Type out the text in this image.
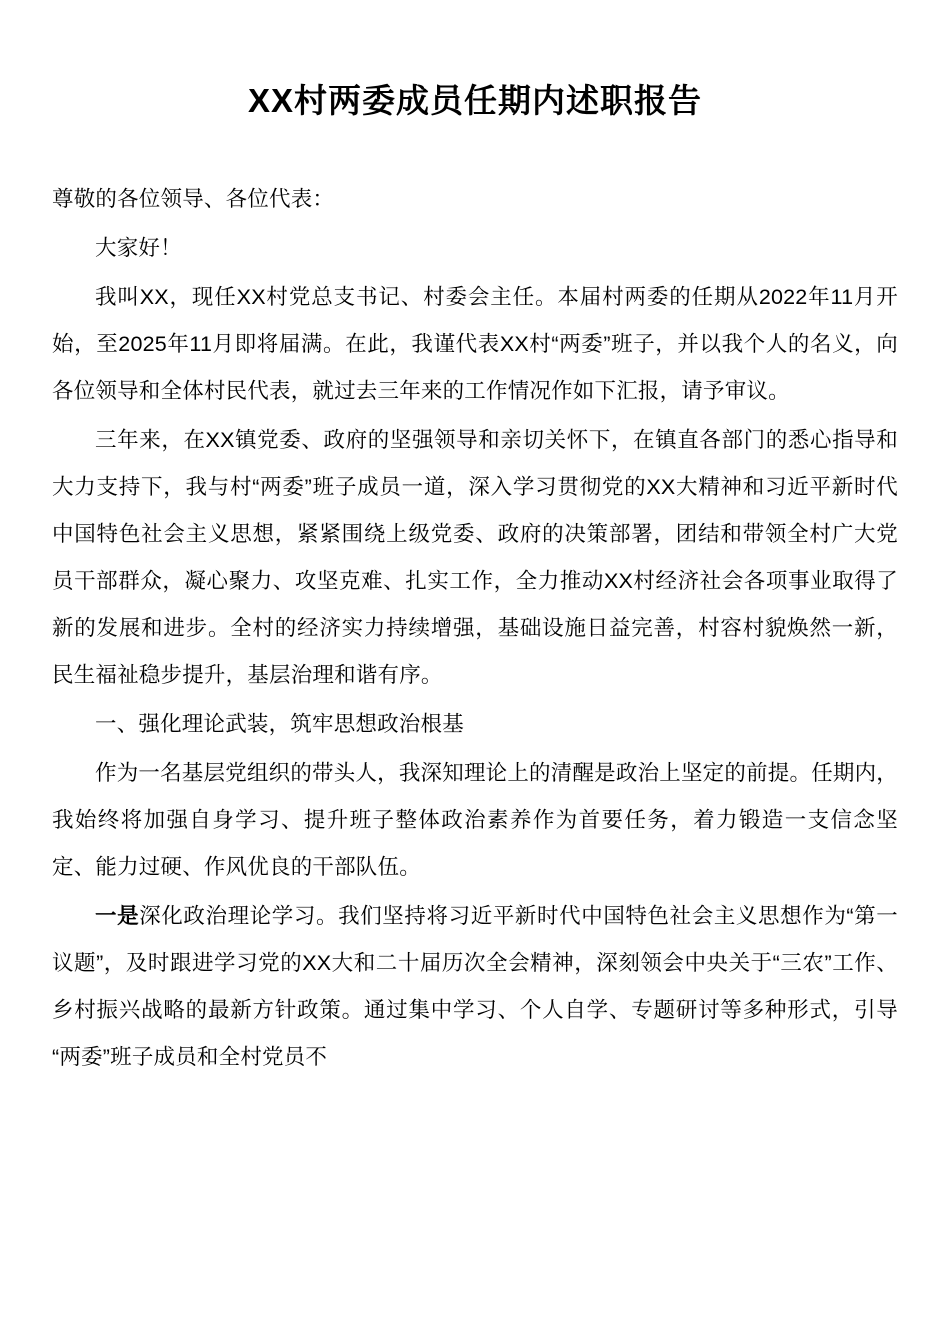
XX村两委成员任期内述职报告

尊敬的各位领导、各位代表：

大家好！

我叫XX，现任XX村党总支书记、村委会主任。本届村两委的任期从2022年11月开始，至2025年11月即将届满。在此，我谨代表XX村“两委”班子，并以我个人的名义，向各位领导和全体村民代表，就过去三年来的工作情况作如下汇报，请予审议。

三年来，在XX镇党委、政府的坚强领导和亲切关怀下，在镇直各部门的悉心指导和大力支持下，我与村“两委”班子成员一道，深入学习贯彻党的XX大精神和习近平新时代中国特色社会主义思想，紧紧围绕上级党委、政府的决策部署，团结和带领全村广大党员干部群众，凝心聚力、攻坚克难、扎实工作，全力推动XX村经济社会各项事业取得了新的发展和进步。全村的经济实力持续增强，基础设施日益完善，村容村貌焕然一新，民生福祉稳步提升，基层治理和谐有序。

一、强化理论武装，筑牢思想政治根基

作为一名基层党组织的带头人，我深知理论上的清醒是政治上坚定的前提。任期内，我始终将加强自身学习、提升班子整体政治素养作为首要任务，着力锻造一支信念坚定、能力过硬、作风优良的干部队伍。

一是深化政治理论学习。我们坚持将习近平新时代中国特色社会主义思想作为“第一议题”，及时跟进学习党的XX大和二十届历次全会精神，深刻领会中央关于“三农”工作、乡村振兴战略的最新方针政策。通过集中学习、个人自学、专题研讨等多种形式，引导“两委”班子成员和全村党员不
